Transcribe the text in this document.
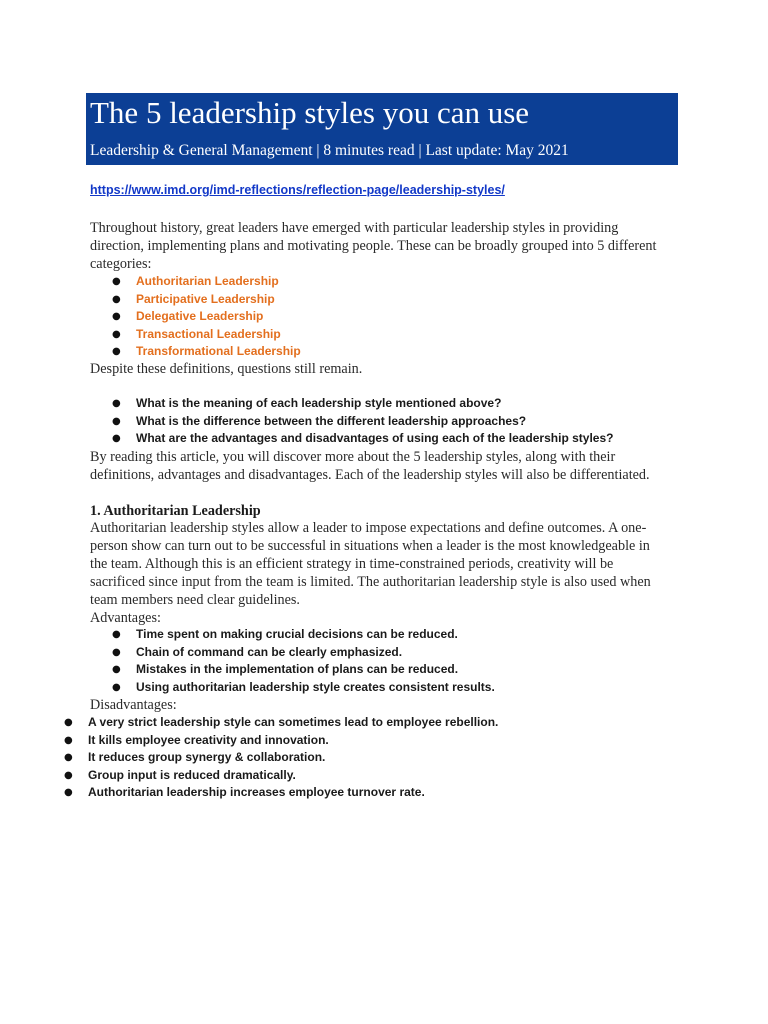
The 5 leadership styles you can use
Leadership & General Management | 8 minutes read | Last update: May 2021
https://www.imd.org/imd-reflections/reflection-page/leadership-styles/

Throughout history, great leaders have emerged with particular leadership styles in providing direction, implementing plans and motivating people. These can be broadly grouped into 5 different categories:

● Authoritarian Leadership
● Participative Leadership
● Delegative Leadership
● Transactional Leadership
● Transformational Leadership
Despite these definitions, questions still remain.
● What is the meaning of each leadership style mentioned above?
● What is the difference between the different leadership approaches?
● What are the advantages and disadvantages of using each of the leadership styles?

By reading this article, you will discover more about the 5 leadership styles, along with their definitions, advantages and disadvantages. Each of the leadership styles will also be differentiated.

1. Authoritarian Leadership

Authoritarian leadership styles allow a leader to impose expectations and define outcomes. A one-person show can turn out to be successful in situations when a leader is the most knowledgeable in the team. Although this is an efficient strategy in time-constrained periods, creativity will be sacrificed since input from the team is limited. The authoritarian leadership style is also used when team members need clear guidelines.

Advantages:
● Time spent on making crucial decisions can be reduced.
● Chain of command can be clearly emphasized.
● Mistakes in the implementation of plans can be reduced.
● Using authoritarian leadership style creates consistent results.
Disadvantages:
● A very strict leadership style can sometimes lead to employee rebellion.
● It kills employee creativity and innovation.
● It reduces group synergy & collaboration.
● Group input is reduced dramatically.
● Authoritarian leadership increases employee turnover rate.
